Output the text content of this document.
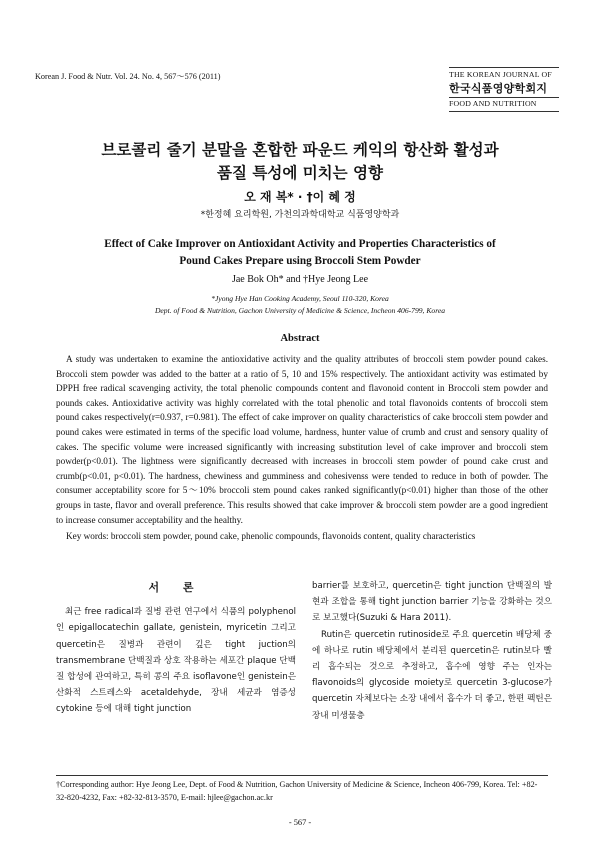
Korean J. Food & Nutr. Vol. 24. No. 4, 567～576 (2011)	THE KOREAN JOURNAL OF
한국식품영양학회지
FOOD AND NUTRITION
브로콜리 줄기 분말을 혼합한 파운드 케익의 항산화 활성과
품질 특성에 미치는 영향
오 재 복* · †이 혜 정
*한정혜 요리학원, 가천의과학대학교 식품영양학과
Effect of Cake Improver on Antioxidant Activity and Properties Characteristics of
Pound Cakes Prepare using Broccoli Stem Powder
Jae Bok Oh* and †Hye Jeong Lee
*Jyong Hye Han Cooking Academy, Seoul 110-320, Korea
Dept. of Food & Nutrition, Gachon University of Medicine & Science, Incheon 406-799, Korea
Abstract
A study was undertaken to examine the antioxidative activity and the quality attributes of broccoli stem powder pound cakes. Broccoli stem powder was added to the batter at a ratio of 5, 10 and 15% respectively. The antioxidant activity was estimated by DPPH free radical scavenging activity, the total phenolic compounds content and flavonoid content in Broccoli stem powder and pounds cakes. Antioxidative activity was highly correlated with the total phenolic and total flavonoids contents of broccoli stem pound cakes respectively(r=0.937, r=0.981). The effect of cake improver on quality characteristics of cake broccoli stem powder and pound cakes were estimated in terms of the specific load volume, hardness, hunter value of crumb and crust and sensory quality of cakes. The specific volume were increased significantly with increasing substitution level of cake improver and broccoli stem powder(p<0.01). The lightness were significantly decreased with increases in broccoli stem powder of pound cake crust and crumb(p<0.01, p<0.01). The hardness, chewiness and gumminess and cohesivenss were tended to reduce in both of powder. The consumer acceptability score for 5～10% broccoli stem pound cakes ranked significantly(p<0.01) higher than those of the other groups in taste, flavor and overall preference. This results showed that cake improver & broccoli stem powder are a good ingredient to increase consumer acceptability and the healthy.
Key words: broccoli stem powder, pound cake, phenolic compounds, flavonoids content, quality characteristics
서 론
최근 free radical과 질병 관련 연구에서 식품의 polyphenol인 epigallocatechin gallate, genistein, myricetin 그리고 quercetin은 질병과 관련이 깊은 tight juction의 transmembrane 단백질과 상호 작용하는 세포간 plaque 단백질 합성에 관여하고, 특히 콩의 주요 isoflavone인 genistein은 산화적 스트레스와 acetaldehyde, 장내 세균과 염증성 cytokine 등에 대해 tight junction
barrier를 보호하고, quercetin은 tight junction 단백질의 발현과 조합을 통해 tight junction barrier 기능을 강화하는 것으로 보고했다(Suzuki & Hara 2011).
Rutin은 quercetin rutinoside로 주요 quercetin 배당체 중에 하나로 rutin 배당체에서 분리된 quercetin은 rutin보다 빨리 흡수되는 것으로 추정하고, 흡수에 영향 주는 인자는 flavonoids의 glycoside moiety로 quercetin 3-glucose가 quercetin 자체보다는 소장 내에서 흡수가 더 좋고, 한편 펙틴은 장내 미생물층
†Corresponding author: Hye Jeong Lee, Dept. of Food & Nutrition, Gachon University of Medicine & Science, Incheon 406-799, Korea. Tel: +82-32-820-4232, Fax: +82-32-813-3570, E-mail: hjlee@gachon.ac.kr
- 567 -
